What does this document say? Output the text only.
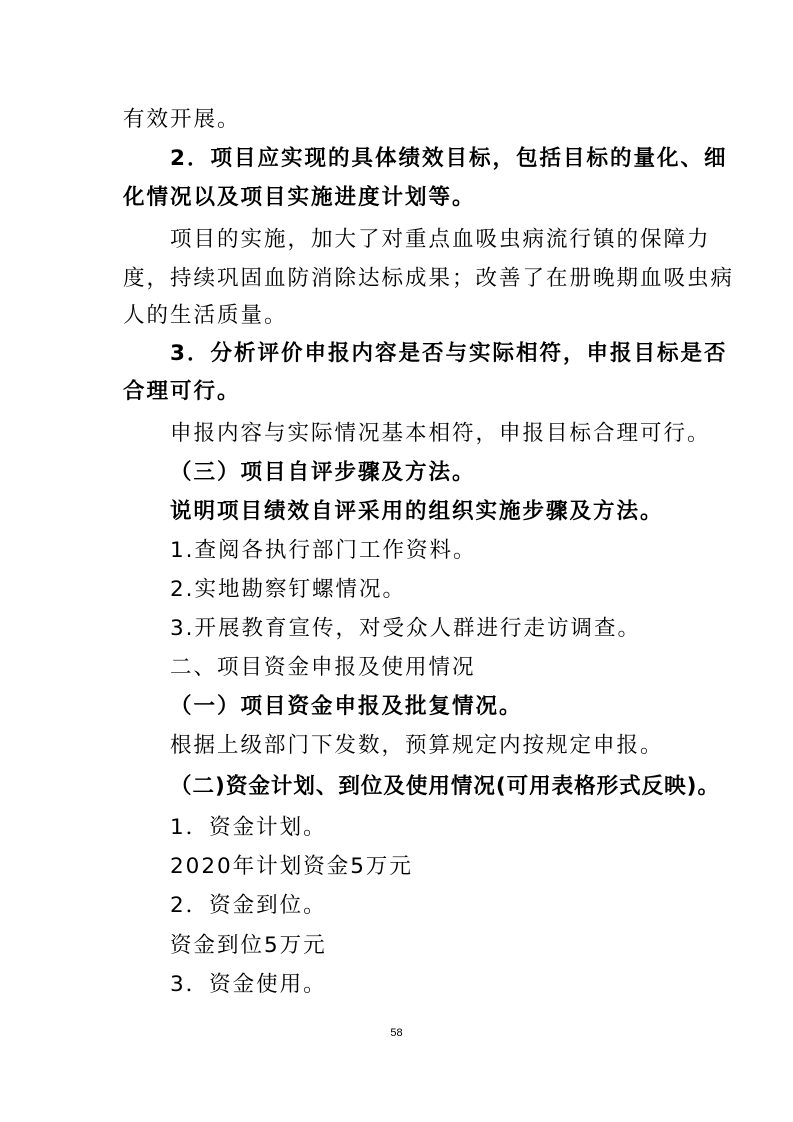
有效开展。
2．项目应实现的具体绩效目标，包括目标的量化、细
化情况以及项目实施进度计划等。
项目的实施，加大了对重点血吸虫病流行镇的保障力
度，持续巩固血防消除达标成果；改善了在册晚期血吸虫病
人的生活质量。
3．分析评价申报内容是否与实际相符，申报目标是否
合理可行。
申报内容与实际情况基本相符，申报目标合理可行。
（三）项目自评步骤及方法。
说明项目绩效自评采用的组织实施步骤及方法。
1.查阅各执行部门工作资料。
2.实地勘察钉螺情况。
3.开展教育宣传，对受众人群进行走访调查。
二、项目资金申报及使用情况
（一）项目资金申报及批复情况。
根据上级部门下发数，预算规定内按规定申报。
（二)资金计划、到位及使用情况(可用表格形式反映)。
1．资金计划。
2020年计划资金5万元
2．资金到位。
资金到位5万元
3．资金使用。
58
